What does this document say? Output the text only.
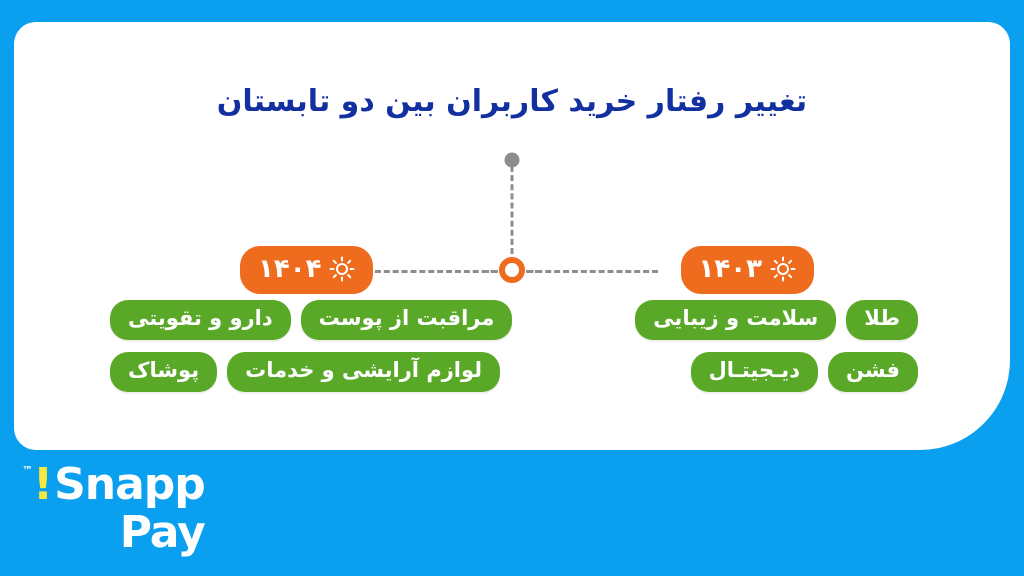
تغییر رفتار خرید کاربران بین دو تابستان
۱۴۰۳
۱۴۰۴
طلا
سلامت و زیبایی
فشن
دیـجیتـال
مراقبت از پوست
دارو و تقویتی
لوازم آرایشی و خدمات
پوشاک
Snapp
!
™
Pay
